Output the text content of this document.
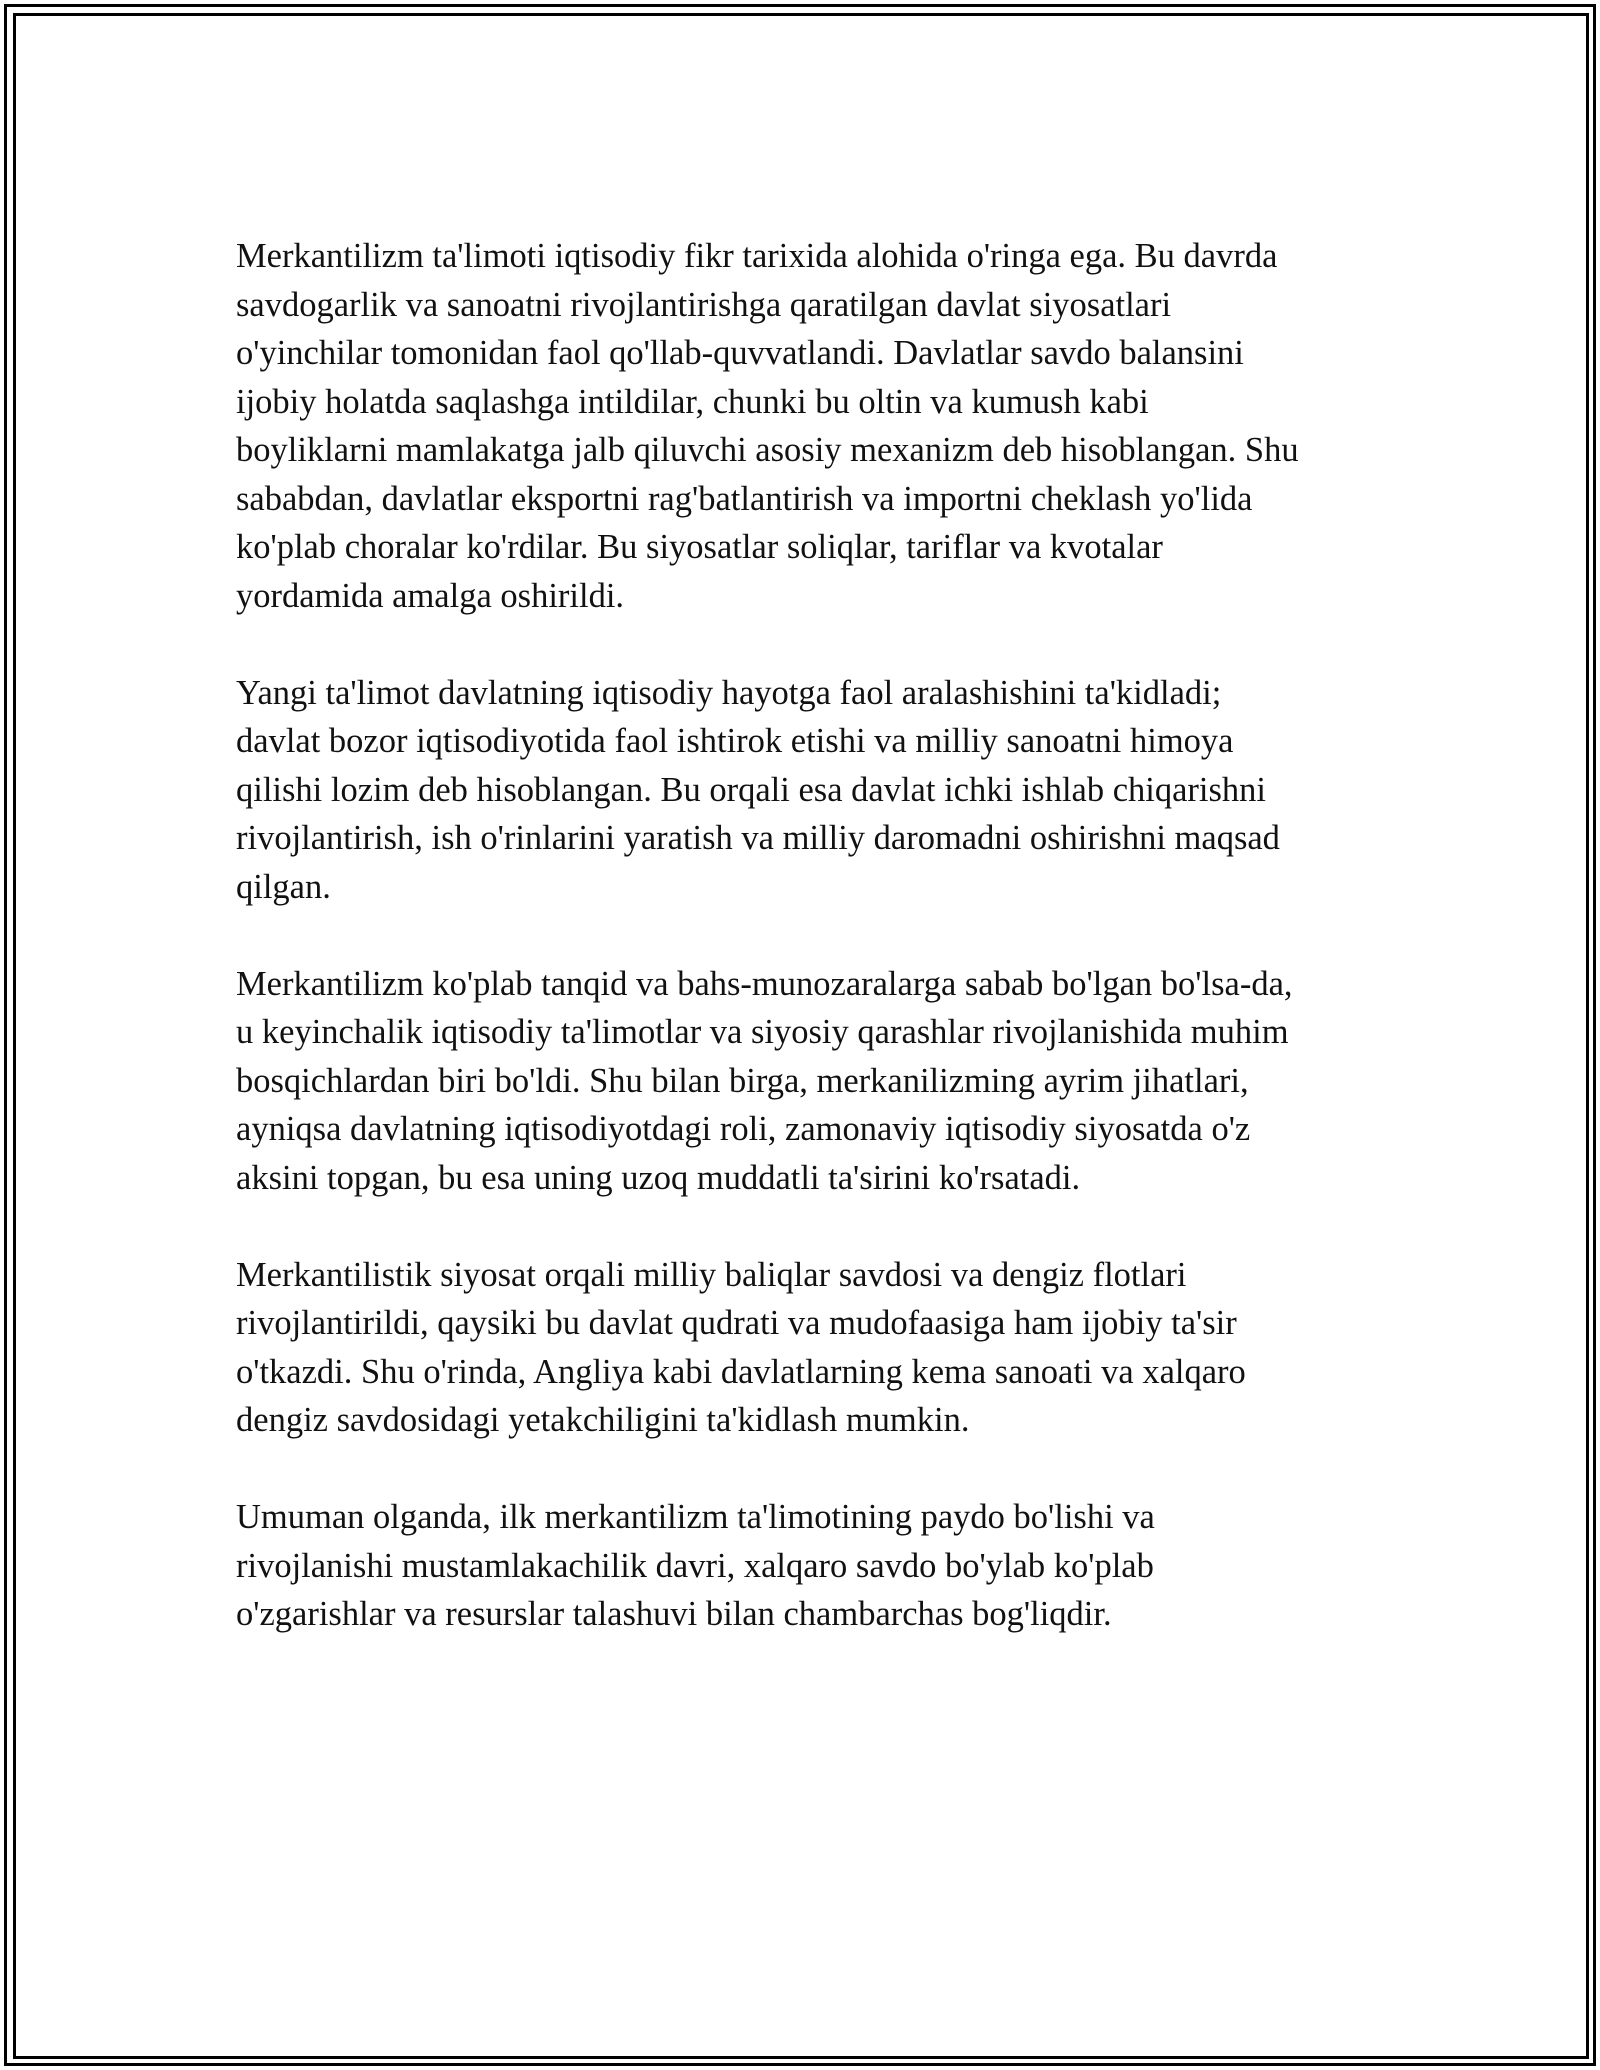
Merkantilizm ta'limoti iqtisodiy fikr tarixida alohida o'ringa ega. Bu davrda
savdogarlik va sanoatni rivojlantirishga qaratilgan davlat siyosatlari
o'yinchilar tomonidan faol qo'llab-quvvatlandi. Davlatlar savdo balansini
ijobiy holatda saqlashga intildilar, chunki bu oltin va kumush kabi
boyliklarni mamlakatga jalb qiluvchi asosiy mexanizm deb hisoblangan. Shu
sababdan, davlatlar eksportni rag'batlantirish va importni cheklash yo'lida
ko'plab choralar ko'rdilar. Bu siyosatlar soliqlar, tariflar va kvotalar
yordamida amalga oshirildi.

Yangi ta'limot davlatning iqtisodiy hayotga faol aralashishini ta'kidladi;
davlat bozor iqtisodiyotida faol ishtirok etishi va milliy sanoatni himoya
qilishi lozim deb hisoblangan. Bu orqali esa davlat ichki ishlab chiqarishni
rivojlantirish, ish o'rinlarini yaratish va milliy daromadni oshirishni maqsad
qilgan.

Merkantilizm ko'plab tanqid va bahs-munozaralarga sabab bo'lgan bo'lsa-da,
u keyinchalik iqtisodiy ta'limotlar va siyosiy qarashlar rivojlanishida muhim
bosqichlardan biri bo'ldi. Shu bilan birga, merkanilizming ayrim jihatlari,
ayniqsa davlatning iqtisodiyotdagi roli, zamonaviy iqtisodiy siyosatda o'z
aksini topgan, bu esa uning uzoq muddatli ta'sirini ko'rsatadi.

Merkantilistik siyosat orqali milliy baliqlar savdosi va dengiz flotlari
rivojlantirildi, qaysiki bu davlat qudrati va mudofaasiga ham ijobiy ta'sir
o'tkazdi. Shu o'rinda, Angliya kabi davlatlarning kema sanoati va xalqaro
dengiz savdosidagi yetakchiligini ta'kidlash mumkin.

Umuman olganda, ilk merkantilizm ta'limotining paydo bo'lishi va
rivojlanishi mustamlakachilik davri, xalqaro savdo bo'ylab ko'plab
o'zgarishlar va resurslar talashuvi bilan chambarchas bog'liqdir.
